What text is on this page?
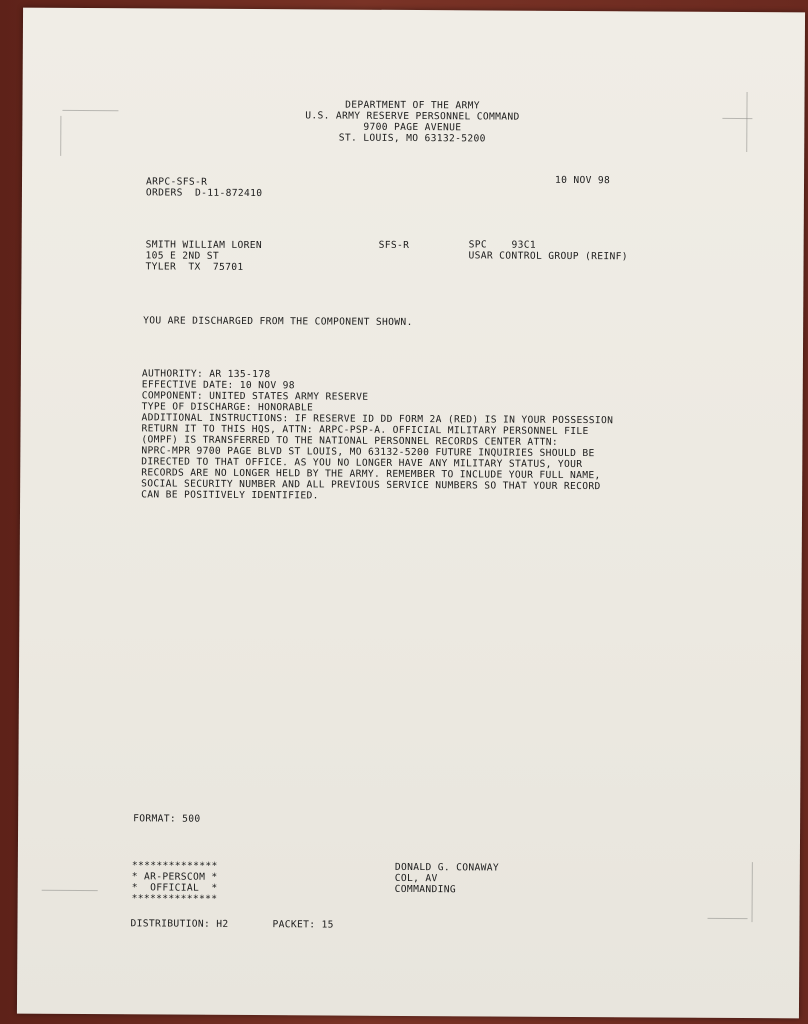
DEPARTMENT OF THE ARMY

U.S. ARMY RESERVE PERSONNEL COMMAND

9700 PAGE AVENUE

ST. LOUIS, MO 63132-5200

ARPC-SFS-R

ORDERS  D-11-872410

10 NOV 98

SMITH WILLIAM LOREN

105 E 2ND ST

TYLER  TX  75701

SFS-R	SPC    93C1

USAR CONTROL GROUP (REINF)

YOU ARE DISCHARGED FROM THE COMPONENT SHOWN.

AUTHORITY: AR 135-178

EFFECTIVE DATE: 10 NOV 98

COMPONENT: UNITED STATES ARMY RESERVE

TYPE OF DISCHARGE: HONORABLE

ADDITIONAL INSTRUCTIONS: IF RESERVE ID DD FORM 2A (RED) IS IN YOUR POSSESSION

RETURN IT TO THIS HQS, ATTN: ARPC-PSP-A. OFFICIAL MILITARY PERSONNEL FILE

(OMPF) IS TRANSFERRED TO THE NATIONAL PERSONNEL RECORDS CENTER ATTN:

NPRC-MPR 9700 PAGE BLVD ST LOUIS, MO 63132-5200 FUTURE INQUIRIES SHOULD BE

DIRECTED TO THAT OFFICE. AS YOU NO LONGER HAVE ANY MILITARY STATUS, YOUR

RECORDS ARE NO LONGER HELD BY THE ARMY. REMEMBER TO INCLUDE YOUR FULL NAME,

SOCIAL SECURITY NUMBER AND ALL PREVIOUS SERVICE NUMBERS SO THAT YOUR RECORD

CAN BE POSITIVELY IDENTIFIED.

FORMAT: 500

**************

* AR-PERSCOM *

*  OFFICIAL  *

**************

DONALD G. CONAWAY

COL, AV

COMMANDING

DISTRIBUTION: H2	PACKET: 15
